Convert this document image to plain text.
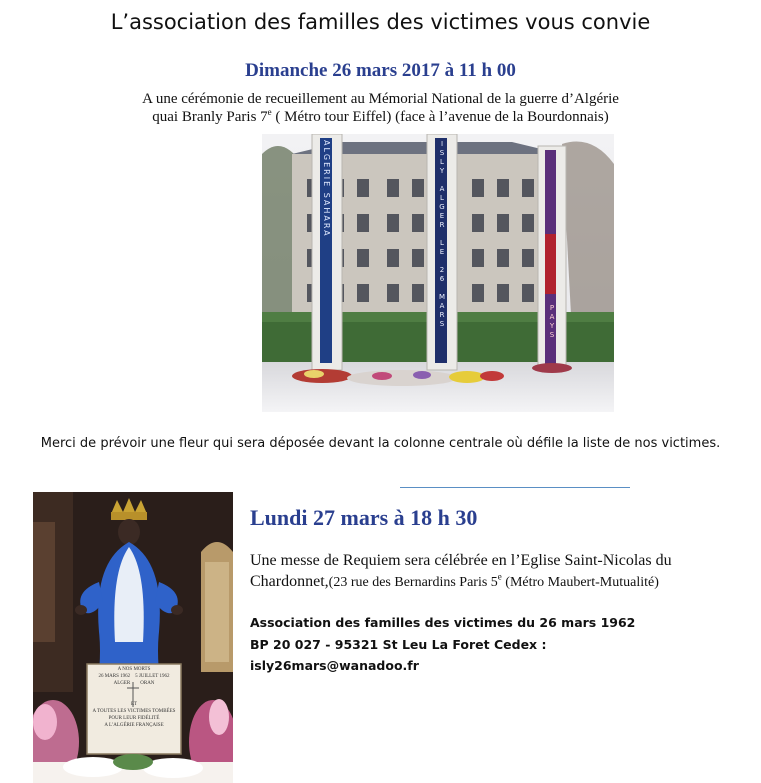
L’association des familles des victimes vous convie
Dimanche 26 mars 2017 à 11 h 00
A une cérémonie de recueillement au Mémorial National de la guerre d’Algérie
quai Branly Paris 7e ( Métro tour Eiffel) (face à l’avenue de la Bourdonnais)
ALGERIE SAHARA	ISLY ALGER LE 26 MARS	PAYS
Merci de prévoir une fleur qui sera déposée devant la colonne centrale où défile la liste de nos victimes.
A NOS MORTS
26 MARS 1962 5 JUILLET 1962
ALGER ORAN
ET
A TOUTES LES VICTIMES TOMBÉES
POUR LEUR FIDÉLITÉ
A L’ALGÉRIE FRANÇAISE
Lundi 27 mars à 18 h 30
Une messe de Requiem sera célébrée en l’Eglise Saint-Nicolas du Chardonnet,(23 rue des Bernardins Paris 5e (Métro Maubert-Mutualité)
Association des familles des victimes du 26 mars 1962
BP 20 027 - 95321 St Leu La Foret Cedex :
isly26mars@wanadoo.fr
